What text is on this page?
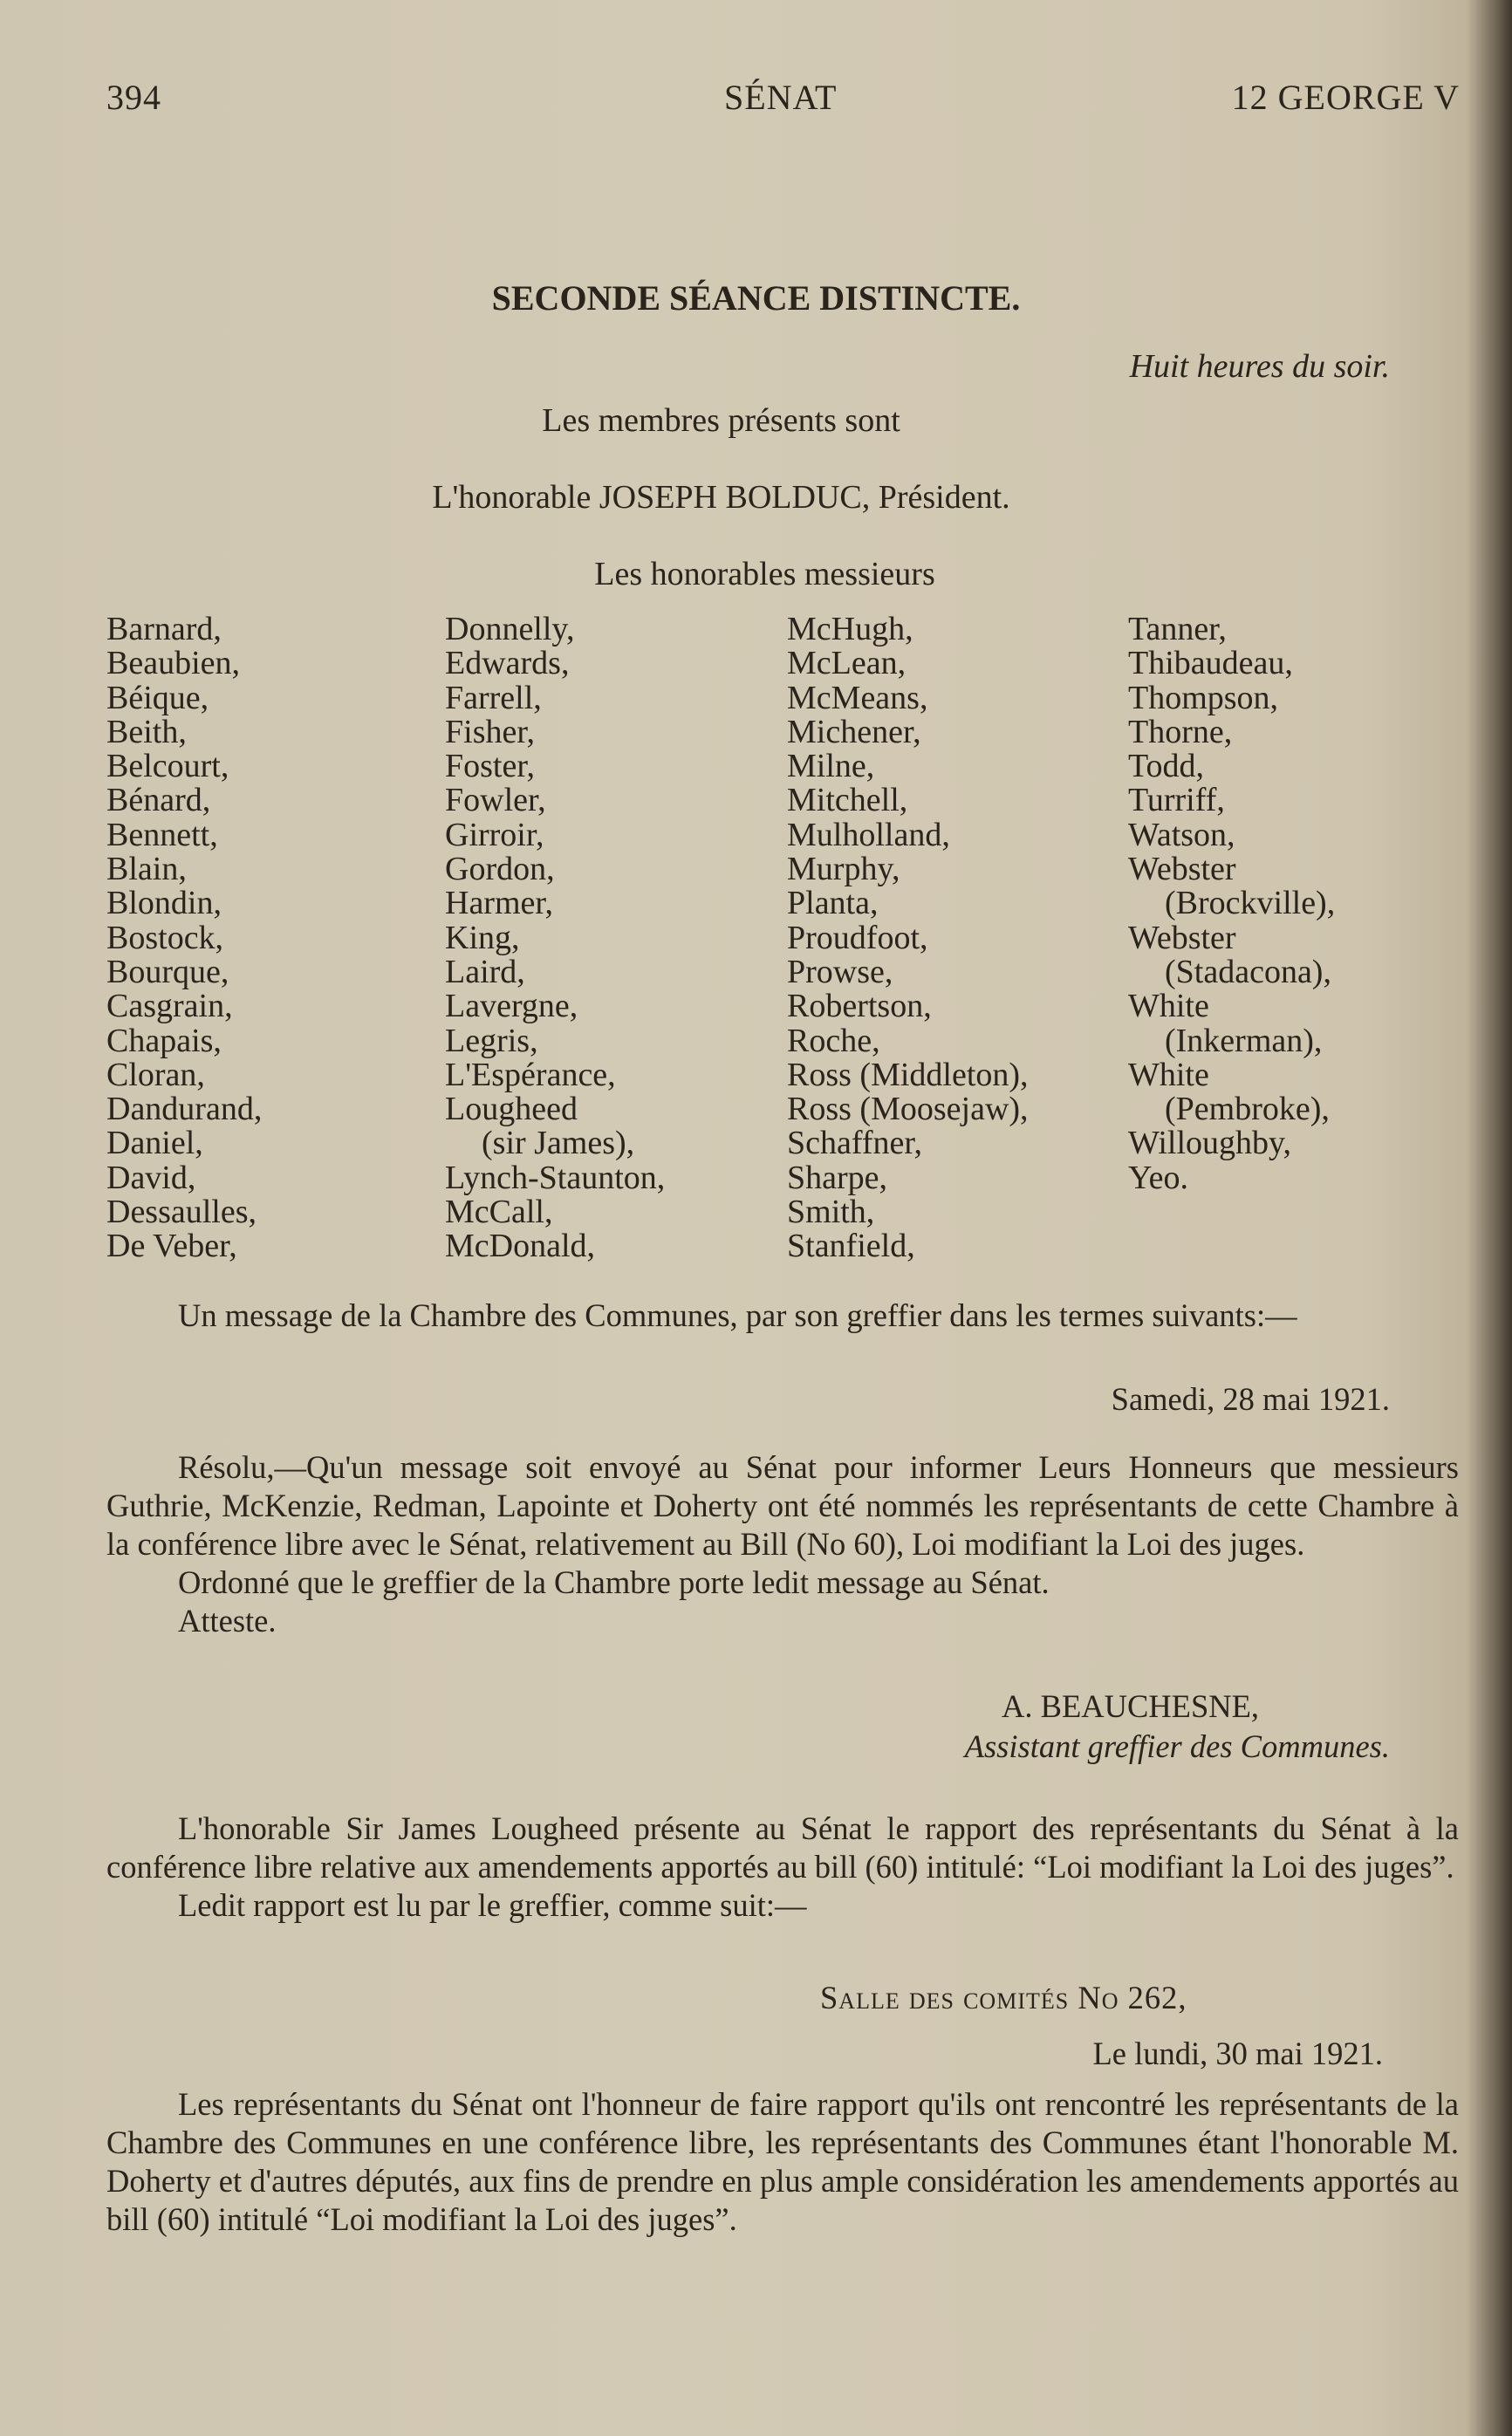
394	SÉNAT	12 GEORGE V
SECONDE SÉANCE DISTINCTE.
Huit heures du soir.
Les membres présents sont
L'honorable JOSEPH BOLDUC, Président.
Les honorables messieurs
Barnard,
Beaubien,
Béique,
Beith,
Belcourt,
Bénard,
Bennett,
Blain,
Blondin,
Bostock,
Bourque,
Casgrain,
Chapais,
Cloran,
Dandurand,
Daniel,
David,
Dessaulles,
De Veber,
Donnelly,
Edwards,
Farrell,
Fisher,
Foster,
Fowler,
Girroir,
Gordon,
Harmer,
King,
Laird,
Lavergne,
Legris,
L'Espérance,
Lougheed
(sir James),
Lynch-Staunton,
McCall,
McDonald,
McHugh,
McLean,
McMeans,
Michener,
Milne,
Mitchell,
Mulholland,
Murphy,
Planta,
Proudfoot,
Prowse,
Robertson,
Roche,
Ross (Middleton),
Ross (Moosejaw),
Schaffner,
Sharpe,
Smith,
Stanfield,
Tanner,
Thibaudeau,
Thompson,
Thorne,
Todd,
Turriff,
Watson,
Webster
(Brockville),
Webster
(Stadacona),
White
(Inkerman),
White
(Pembroke),
Willoughby,
Yeo.

Un message de la Chambre des Communes, par son greffier dans les termes suivants:—

Samedi, 28 mai 1921.

Résolu,—Qu'un message soit envoyé au Sénat pour informer Leurs Honneurs que messieurs Guthrie, McKenzie, Redman, Lapointe et Doherty ont été nommés les représentants de cette Chambre à la conférence libre avec le Sénat, relativement au Bill (No 60), Loi modifiant la Loi des juges.

Ordonné que le greffier de la Chambre porte ledit message au Sénat.

Atteste.

A. BEAUCHESNE,
Assistant greffier des Communes.

L'honorable Sir James Lougheed présente au Sénat le rapport des représentants du Sénat à la conférence libre relative aux amendements apportés au bill (60) intitulé: “Loi modifiant la Loi des juges”.

Ledit rapport est lu par le greffier, comme suit:—

Salle des comités No 262,
Le lundi, 30 mai 1921.

Les représentants du Sénat ont l'honneur de faire rapport qu'ils ont rencontré les représentants de la Chambre des Communes en une conférence libre, les représentants des Communes étant l'honorable M. Doherty et d'autres députés, aux fins de prendre en plus ample considération les amendements apportés au bill (60) intitulé “Loi modifiant la Loi des juges”.
